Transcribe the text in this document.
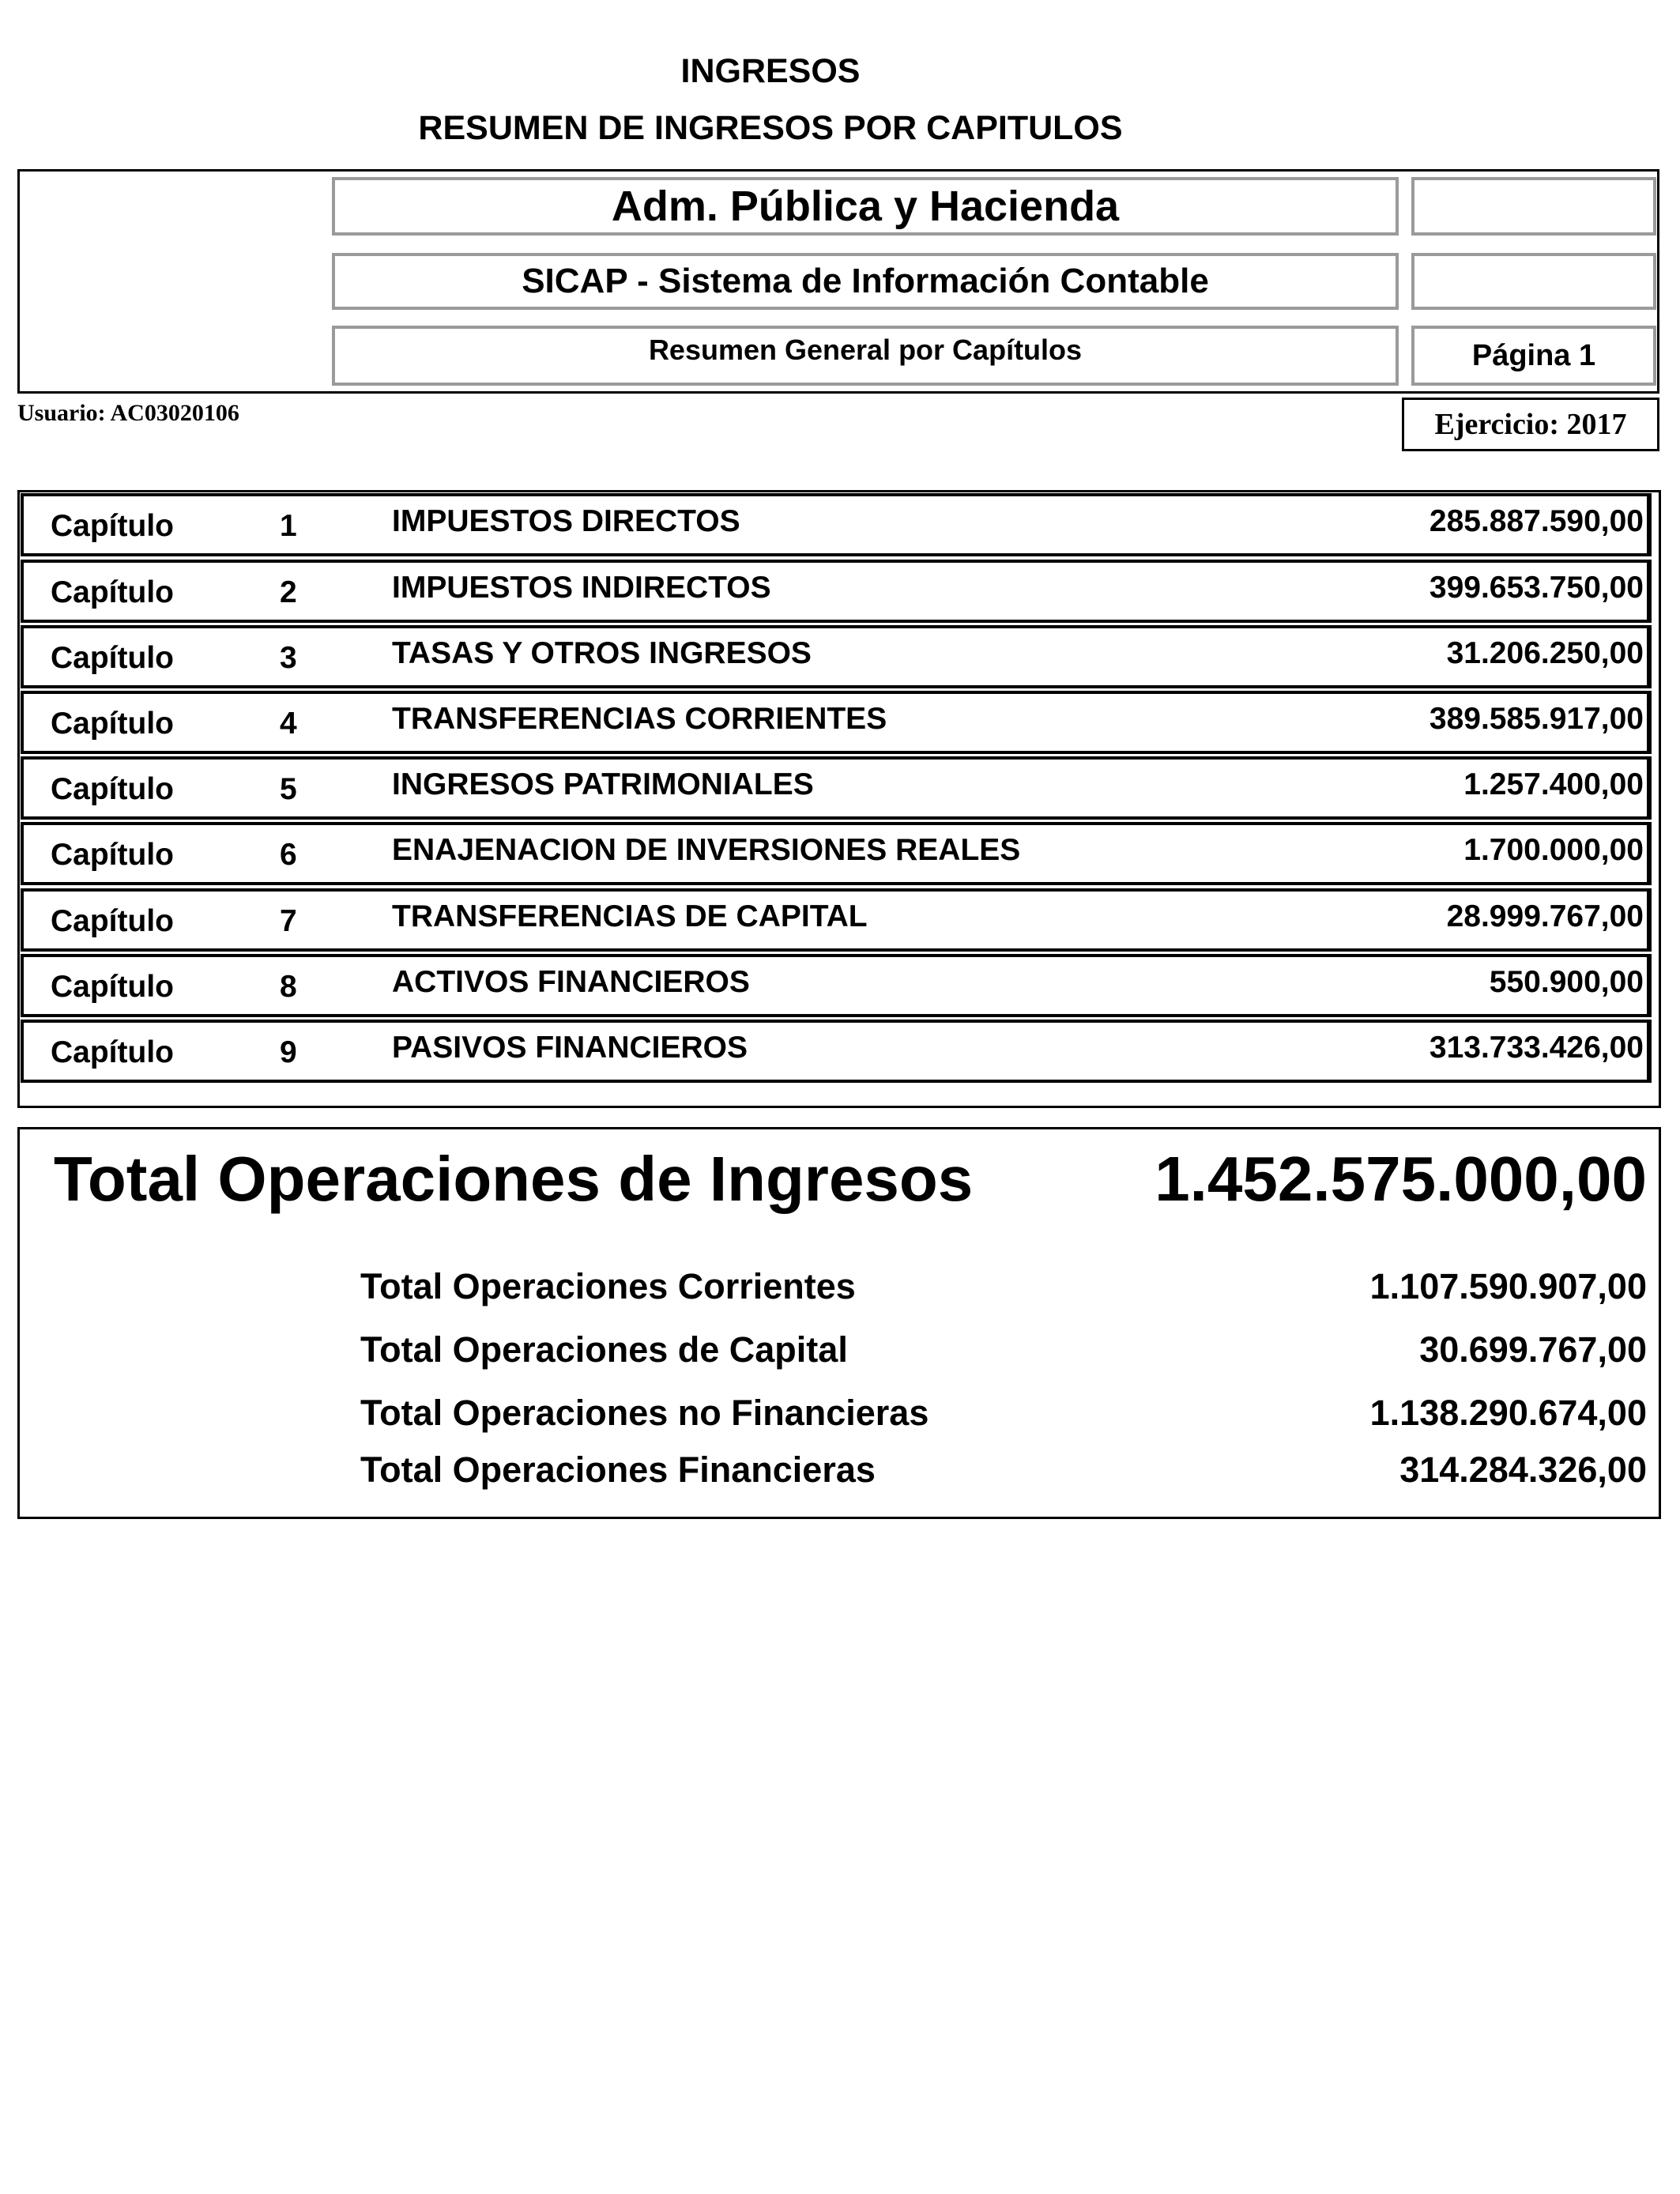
INGRESOS
RESUMEN DE INGRESOS POR CAPITULOS
Adm. Pública y Hacienda
SICAP - Sistema de Información Contable
Resumen General por Capítulos	Página 1
Usuario: AC03020106	Ejercicio: 2017
Capítulo	1	IMPUESTOS DIRECTOS	285.887.590,00
Capítulo	2	IMPUESTOS INDIRECTOS	399.653.750,00
Capítulo	3	TASAS Y OTROS INGRESOS	31.206.250,00
Capítulo	4	TRANSFERENCIAS CORRIENTES	389.585.917,00
Capítulo	5	INGRESOS PATRIMONIALES	1.257.400,00
Capítulo	6	ENAJENACION DE INVERSIONES REALES	1.700.000,00
Capítulo	7	TRANSFERENCIAS DE CAPITAL	28.999.767,00
Capítulo	8	ACTIVOS FINANCIEROS	550.900,00
Capítulo	9	PASIVOS FINANCIEROS	313.733.426,00
Total Operaciones de Ingresos	1.452.575.000,00
Total Operaciones Corrientes	1.107.590.907,00
Total Operaciones de Capital	30.699.767,00
Total Operaciones no Financieras	1.138.290.674,00
Total Operaciones Financieras	314.284.326,00
